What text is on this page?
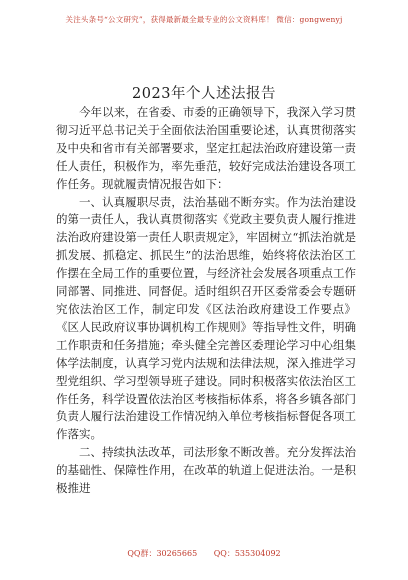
关注头条号“公文研究”，获得最新最全最专业的公文资料库！ 微信：gongwenyj
2023年个人述法报告

今年以来，在省委、市委的正确领导下，我深入学习贯彻习近平总书记关于全面依法治国重要论述，认真贯彻落实及中央和省市有关部署要求，坚定扛起法治政府建设第一责任人责任，积极作为，率先垂范，较好完成法治建设各项工作任务。现就履责情况报告如下：

一、认真履职尽责，法治基础不断夯实。作为法治建设的第一责任人，我认真贯彻落实《党政主要负责人履行推进法治政府建设第一责任人职责规定》，牢固树立“抓法治就是抓发展、抓稳定、抓民生”的法治思维，始终将依法治区工作摆在全局工作的重要位置，与经济社会发展各项重点工作同部署、同推进、同督促。适时组织召开区委常委会专题研究依法治区工作，制定印发《区法治政府建设工作要点》《区人民政府议事协调机构工作规则》等指导性文件，明确工作职责和任务措施；牵头健全完善区委理论学习中心组集体学法制度，认真学习党内法规和法律法规，深入推进学习型党组织、学习型领导班子建设。同时积极落实依法治区工作任务，科学设置依法治区考核指标体系，将各乡镇各部门负责人履行法治建设工作情况纳入单位考核指标督促各项工作落实。

二、持续执法改革，司法形象不断改善。充分发挥法治的基础性、保障性作用，在改革的轨道上促进法治。一是积极推进

QQ群：30265665 QQ：535304092
